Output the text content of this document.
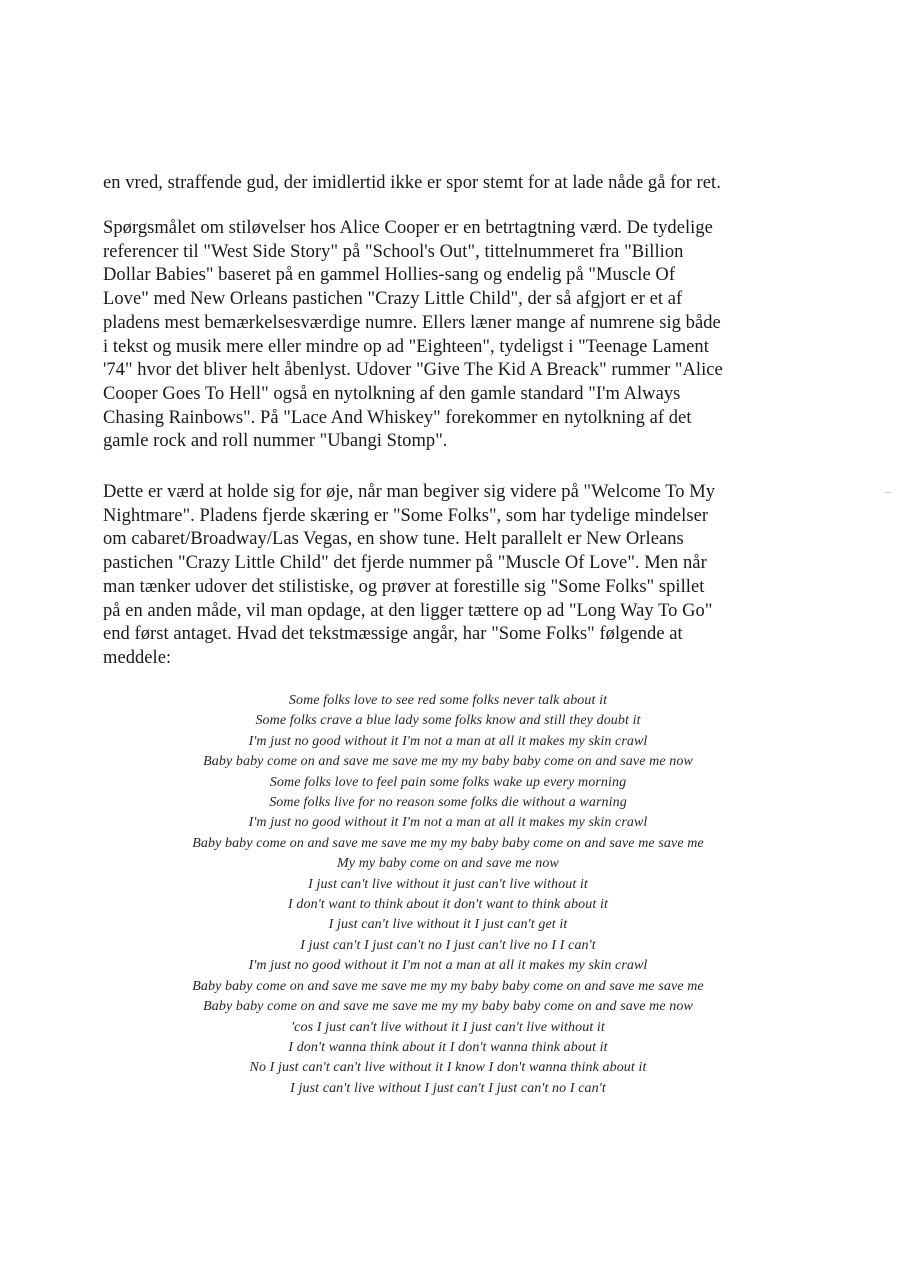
en vred, straffende gud, der imidlertid ikke er spor stemt for at lade nåde gå for ret.

Spørgsmålet om stiløvelser hos Alice Cooper er en betrtagtning værd. De tydelige
referencer til "West Side Story" på "School's Out", tittelnummeret fra "Billion
Dollar Babies" baseret på en gammel Hollies-sang og endelig på "Muscle Of
Love" med New Orleans pastichen "Crazy Little Child", der så afgjort er et af
pladens mest bemærkelsesværdige numre. Ellers læner mange af numrene sig både
i tekst og musik mere eller mindre op ad "Eighteen", tydeligst i "Teenage Lament
'74" hvor det bliver helt åbenlyst. Udover "Give The Kid A Breack" rummer "Alice
Cooper Goes To Hell" også en nytolkning af den gamle standard "I'm Always
Chasing Rainbows". På "Lace And Whiskey" forekommer en nytolkning af det
gamle rock and roll nummer "Ubangi Stomp".

Dette er værd at holde sig for øje, når man begiver sig videre på "Welcome To My
Nightmare". Pladens fjerde skæring er "Some Folks", som har tydelige mindelser
om cabaret/Broadway/Las Vegas, en show tune. Helt parallelt er New Orleans
pastichen "Crazy Little Child" det fjerde nummer på "Muscle Of Love". Men når
man tænker udover det stilistiske, og prøver at forestille sig "Some Folks" spillet
på en anden måde, vil man opdage, at den ligger tættere op ad "Long Way To Go"
end først antaget. Hvad det tekstmæssige angår, har "Some Folks" følgende at
meddele:

Some folks love to see red some folks never talk about it
Some folks crave a blue lady some folks know and still they doubt it
I'm just no good without it I'm not a man at all it makes my skin crawl
Baby baby come on and save me save me my my baby baby come on and save me now
Some folks love to feel pain some folks wake up every morning
Some folks live for no reason some folks die without a warning
I'm just no good without it I'm not a man at all it makes my skin crawl
Baby baby come on and save me save me my my baby baby come on and save me save me
My my baby come on and save me now
I just can't live without it just can't live without it
I don't want to think about it don't want to think about it
I just can't live without it I just can't get it
I just can't I just can't no I just can't live no I I can't
I'm just no good without it I'm not a man at all it makes my skin crawl
Baby baby come on and save me save me my my baby baby come on and save me save me
Baby baby come on and save me save me my my baby baby come on and save me now
'cos I just can't live without it I just can't live without it
I don't wanna think about it I don't wanna think about it
No I just can't can't live without it I know I don't wanna think about it
I just can't live without I just can't I just can't no I can't
